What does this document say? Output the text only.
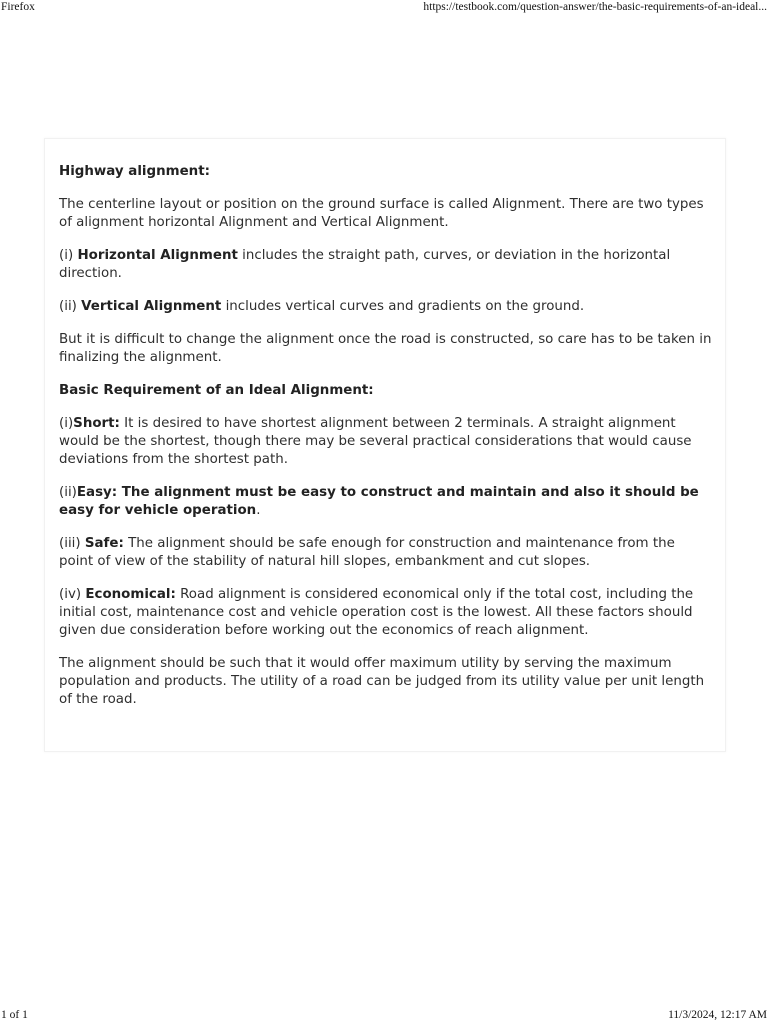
Firefox	https://testbook.com/question-answer/the-basic-requirements-of-an-ideal...

Highway alignment:

The centerline layout or position on the ground surface is called Alignment. There are two types of alignment horizontal Alignment and Vertical Alignment.

(i) Horizontal Alignment includes the straight path, curves, or deviation in the horizontal direction.

(ii) Vertical Alignment includes vertical curves and gradients on the ground.

But it is difficult to change the alignment once the road is constructed, so care has to be taken in finalizing the alignment.

Basic Requirement of an Ideal Alignment:

(i)Short: It is desired to have shortest alignment between 2 terminals. A straight alignment would be the shortest, though there may be several practical considerations that would cause deviations from the shortest path.

(ii)Easy: The alignment must be easy to construct and maintain and also it should be easy for vehicle operation.

(iii) Safe: The alignment should be safe enough for construction and maintenance from the point of view of the stability of natural hill slopes, embankment and cut slopes.

(iv) Economical: Road alignment is considered economical only if the total cost, including the initial cost, maintenance cost and vehicle operation cost is the lowest. All these factors should given due consideration before working out the economics of reach alignment.

The alignment should be such that it would offer maximum utility by serving the maximum population and products. The utility of a road can be judged from its utility value per unit length of the road.

1 of 1	11/3/2024, 12:17 AM
